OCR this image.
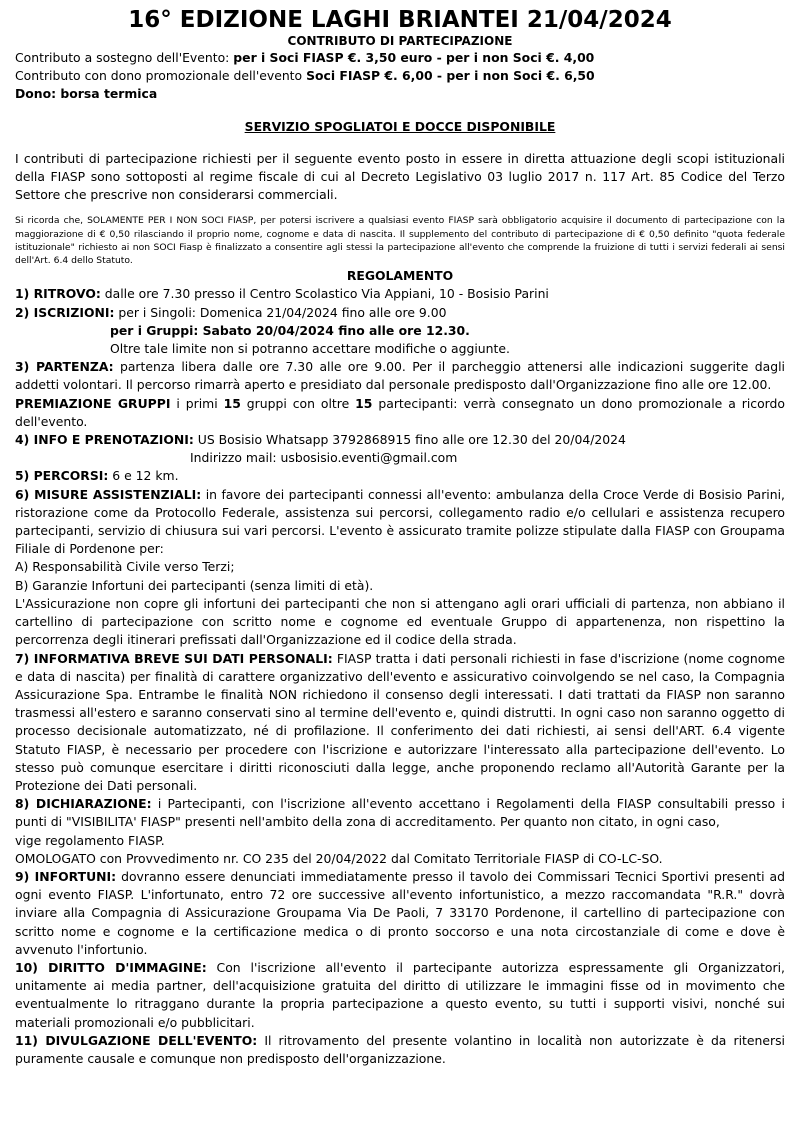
16° EDIZIONE LAGHI BRIANTEI 21/04/2024
CONTRIBUTO DI PARTECIPAZIONE

Contributo a sostegno dell'Evento: per i Soci FIASP €. 3,50 euro - per i non Soci €. 4,00

Contributo con dono promozionale dell'evento Soci FIASP €. 6,00 - per i non Soci €. 6,50

Dono: borsa termica

SERVIZIO SPOGLIATOI E DOCCE DISPONIBILE

I contributi di partecipazione richiesti per il seguente evento posto in essere in diretta attuazione degli scopi istituzionali della FIASP sono sottoposti al regime fiscale di cui al Decreto Legislativo 03 luglio 2017 n. 117 Art. 85 Codice del Terzo Settore che prescrive non considerarsi commerciali.

Si ricorda che, SOLAMENTE PER I NON SOCI FIASP, per potersi iscrivere a qualsiasi evento FIASP sarà obbligatorio acquisire il documento di partecipazione con la maggiorazione di € 0,50 rilasciando il proprio nome, cognome e data di nascita. Il supplemento del contributo di partecipazione di € 0,50 definito "quota federale istituzionale" richiesto ai non SOCI Fiasp è finalizzato a consentire agli stessi la partecipazione all'evento che comprende la fruizione di tutti i servizi federali ai sensi dell'Art. 6.4 dello Statuto.

REGOLAMENTO

1) RITROVO: dalle ore 7.30 presso il Centro Scolastico Via Appiani, 10 - Bosisio Parini

2) ISCRIZIONI: per i Singoli: Domenica 21/04/2024 fino alle ore 9.00

per i Gruppi: Sabato 20/04/2024 fino alle ore 12.30.

Oltre tale limite non si potranno accettare modifiche o aggiunte.

3) PARTENZA: partenza libera dalle ore 7.30 alle ore 9.00. Per il parcheggio attenersi alle indicazioni suggerite dagli addetti volontari. Il percorso rimarrà aperto e presidiato dal personale predisposto dall'Organizzazione fino alle ore 12.00.

PREMIAZIONE GRUPPI i primi 15 gruppi con oltre 15 partecipanti: verrà consegnato un dono promozionale a ricordo dell'evento.

4) INFO E PRENOTAZIONI: US Bosisio Whatsapp 3792868915 fino alle ore 12.30 del 20/04/2024

Indirizzo mail: usbosisio.eventi@gmail.com

5) PERCORSI: 6 e 12 km.

6) MISURE ASSISTENZIALI: in favore dei partecipanti connessi all'evento: ambulanza della Croce Verde di Bosisio Parini, ristorazione come da Protocollo Federale, assistenza sui percorsi, collegamento radio e/o cellulari e assistenza recupero partecipanti, servizio di chiusura sui vari percorsi. L'evento è assicurato tramite polizze stipulate dalla FIASP con Groupama Filiale di Pordenone per:

A) Responsabilità Civile verso Terzi;

B) Garanzie Infortuni dei partecipanti (senza limiti di età).

L'Assicurazione non copre gli infortuni dei partecipanti che non si attengano agli orari ufficiali di partenza, non abbiano il cartellino di partecipazione con scritto nome e cognome ed eventuale Gruppo di appartenenza, non rispettino la percorrenza degli itinerari prefissati dall'Organizzazione ed il codice della strada.

7) INFORMATIVA BREVE SUI DATI PERSONALI: FIASP tratta i dati personali richiesti in fase d'iscrizione (nome cognome e data di nascita) per finalità di carattere organizzativo dell'evento e assicurativo coinvolgendo se nel caso, la Compagnia Assicurazione Spa. Entrambe le finalità NON richiedono il consenso degli interessati. I dati trattati da FIASP non saranno trasmessi all'estero e saranno conservati sino al termine dell'evento e, quindi distrutti. In ogni caso non saranno oggetto di processo decisionale automatizzato, né di profilazione. Il conferimento dei dati richiesti, ai sensi dell'ART. 6.4 vigente Statuto FIASP, è necessario per procedere con l'iscrizione e autorizzare l'interessato alla partecipazione dell'evento. Lo stesso può comunque esercitare i diritti riconosciuti dalla legge, anche proponendo reclamo all'Autorità Garante per la Protezione dei Dati personali.

8) DICHIARAZIONE: i Partecipanti, con l'iscrizione all'evento accettano i Regolamenti della FIASP consultabili presso i punti di "VISIBILITA' FIASP" presenti nell'ambito della zona di accreditamento. Per quanto non citato, in ogni caso,

vige regolamento FIASP.

OMOLOGATO con Provvedimento nr. CO 235 del 20/04/2022 dal Comitato Territoriale FIASP di CO-LC-SO.

9) INFORTUNI: dovranno essere denunciati immediatamente presso il tavolo dei Commissari Tecnici Sportivi presenti ad ogni evento FIASP. L'infortunato, entro 72 ore successive all'evento infortunistico, a mezzo raccomandata "R.R." dovrà inviare alla Compagnia di Assicurazione Groupama Via De Paoli, 7 33170 Pordenone, il cartellino di partecipazione con scritto nome e cognome e la certificazione medica o di pronto soccorso e una nota circostanziale di come e dove è avvenuto l'infortunio.

10) DIRITTO D'IMMAGINE: Con l'iscrizione all'evento il partecipante autorizza espressamente gli Organizzatori, unitamente ai media partner, dell'acquisizione gratuita del diritto di utilizzare le immagini fisse od in movimento che eventualmente lo ritraggano durante la propria partecipazione a questo evento, su tutti i supporti visivi, nonché sui materiali promozionali e/o pubblicitari.

11) DIVULGAZIONE DELL'EVENTO: Il ritrovamento del presente volantino in località non autorizzate è da ritenersi puramente causale e comunque non predisposto dell'organizzazione.
